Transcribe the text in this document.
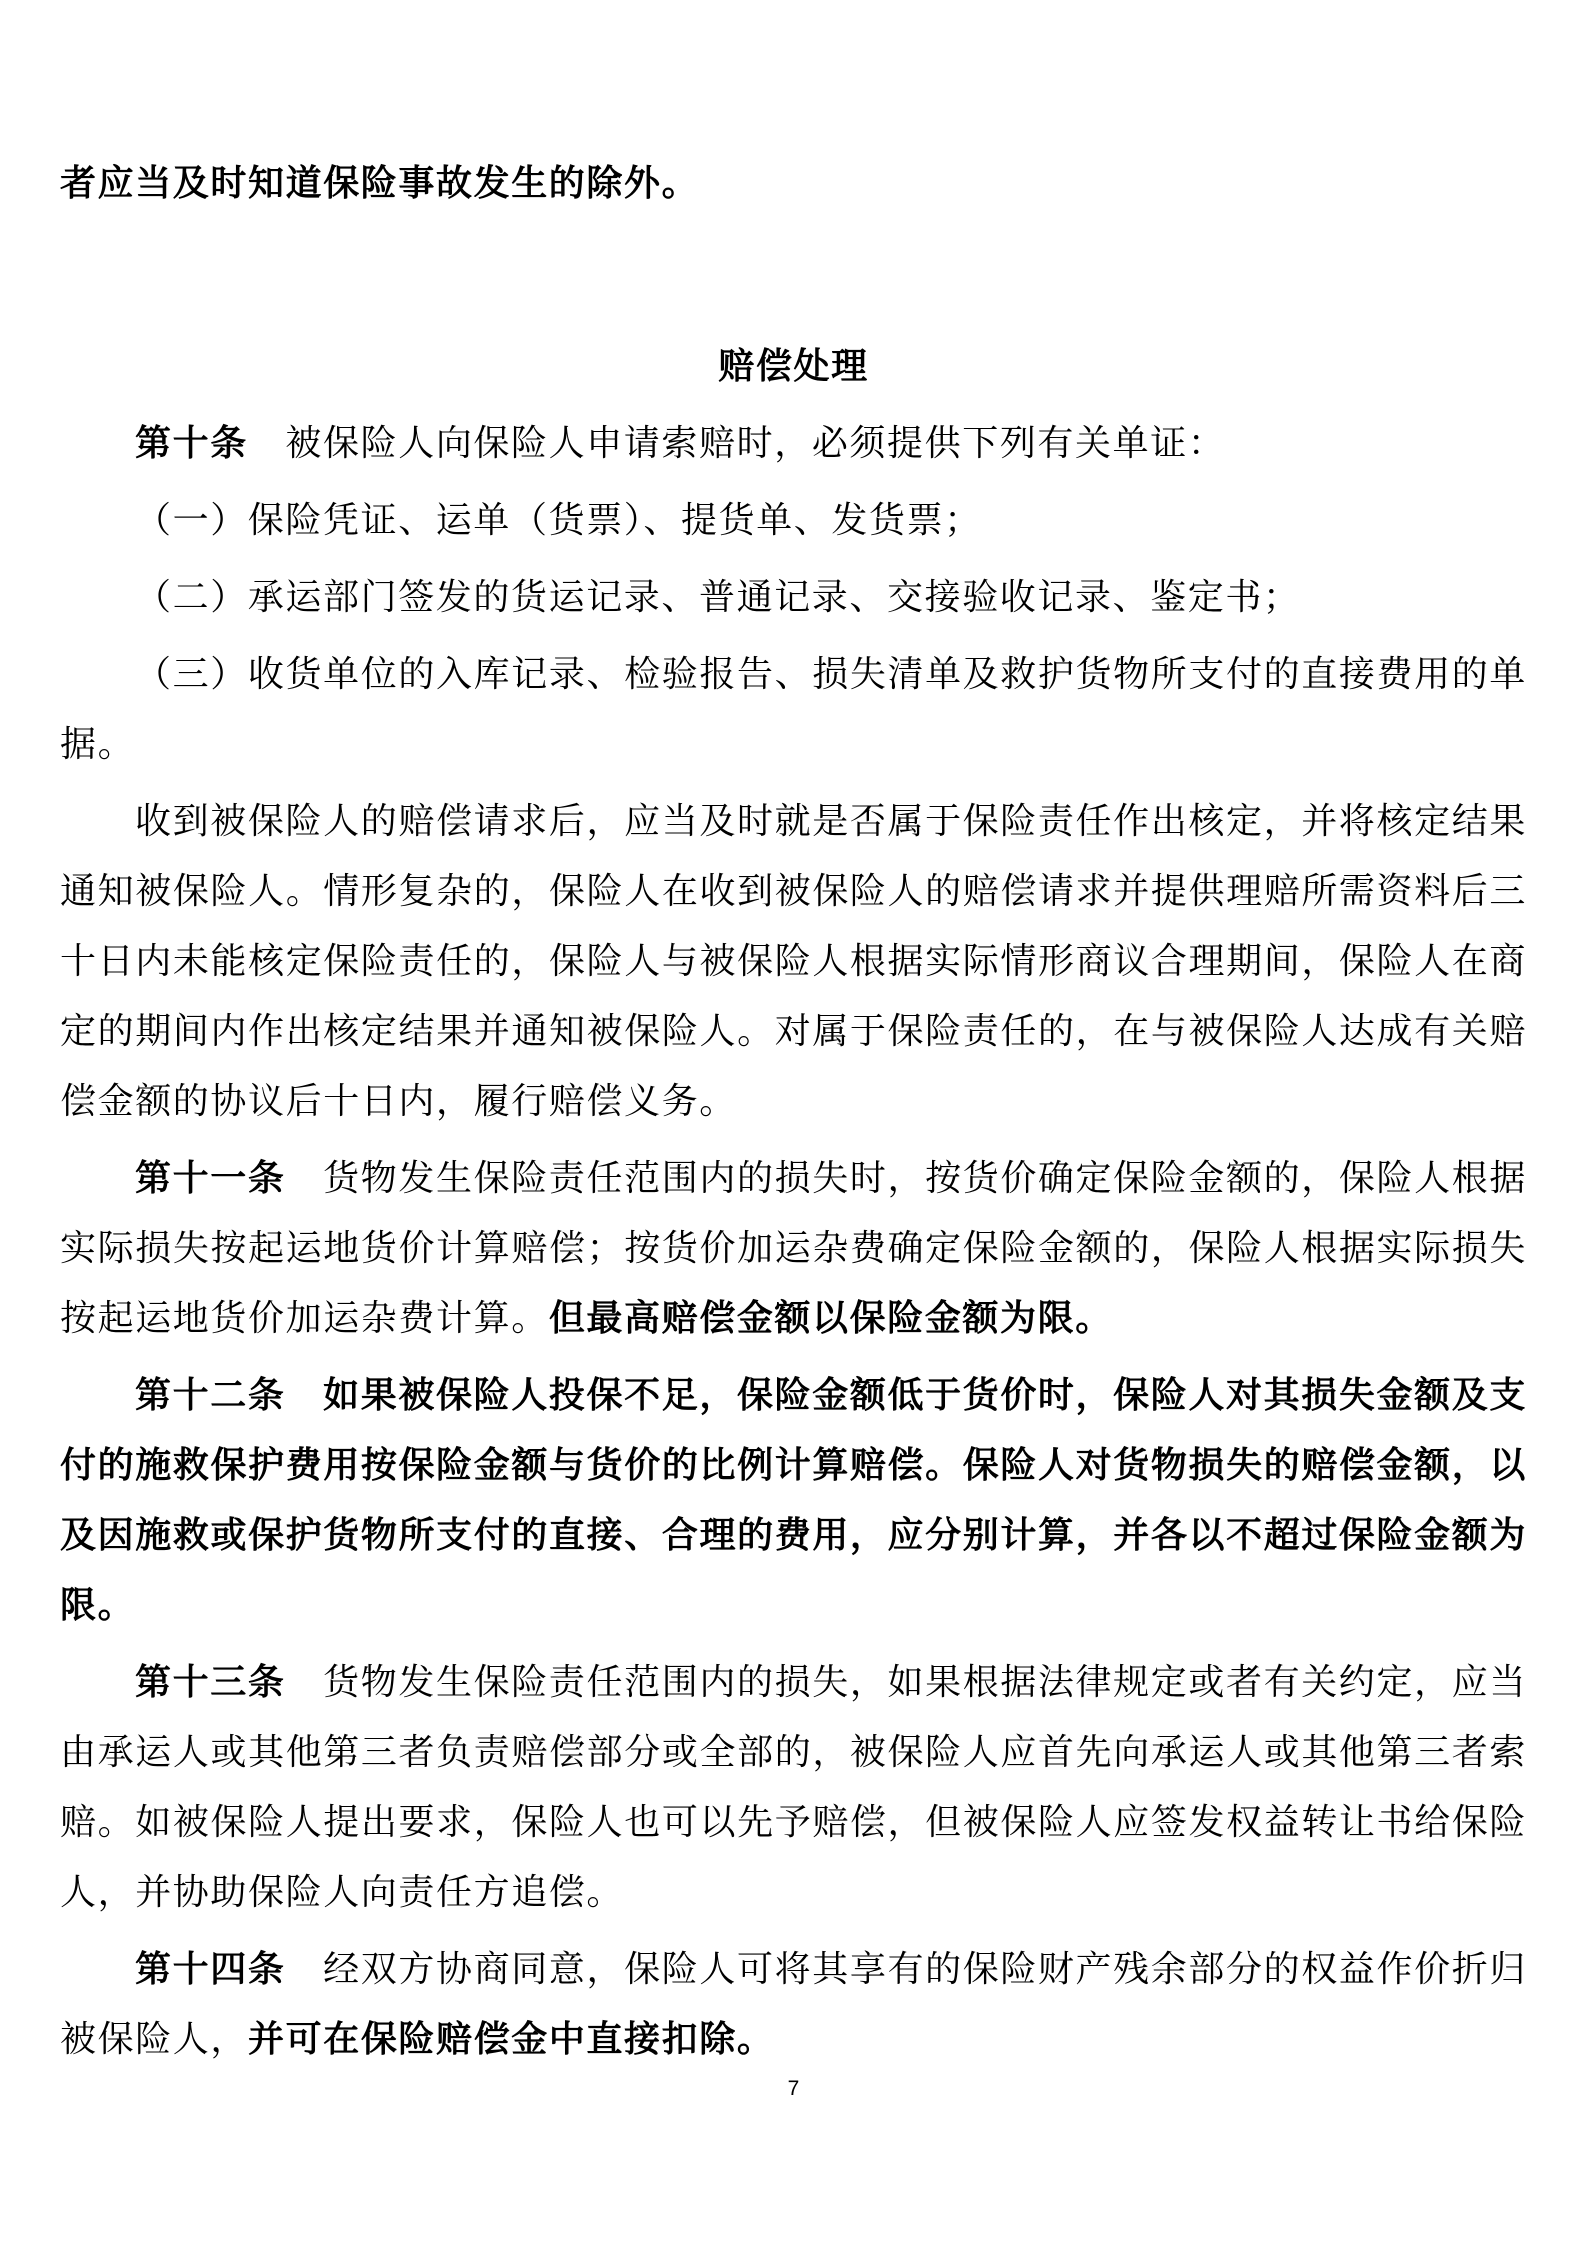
者应当及时知道保险事故发生的除外。

赔偿处理

第十条　 被保险人向保险人申请索赔时，必须提供下列有关单证：

（一）保险凭证、运单（货票）、提货单、发货票；

（二）承运部门签发的货运记录、普通记录、交接验收记录、鉴定书；

（三）收货单位的入库记录、检验报告、损失清单及救护货物所支付的直接费用的单据。

收到被保险人的赔偿请求后，应当及时就是否属于保险责任作出核定，并将核定结果通知被保险人。情形复杂的，保险人在收到被保险人的赔偿请求并提供理赔所需资料后三十日内未能核定保险责任的，保险人与被保险人根据实际情形商议合理期间，保险人在商定的期间内作出核定结果并通知被保险人。对属于保险责任的，在与被保险人达成有关赔偿金额的协议后十日内，履行赔偿义务。

第十一条　 货物发生保险责任范围内的损失时，按货价确定保险金额的，保险人根据实际损失按起运地货价计算赔偿；按货价加运杂费确定保险金额的，保险人根据实际损失按起运地货价加运杂费计算。但最高赔偿金额以保险金额为限。

第十二条　 如果被保险人投保不足，保险金额低于货价时，保险人对其损失金额及支付的施救保护费用按保险金额与货价的比例计算赔偿。保险人对货物损失的赔偿金额，以及因施救或保护货物所支付的直接、合理的费用，应分别计算，并各以不超过保险金额为限。

第十三条　 货物发生保险责任范围内的损失，如果根据法律规定或者有关约定，应当由承运人或其他第三者负责赔偿部分或全部的，被保险人应首先向承运人或其他第三者索赔。如被保险人提出要求，保险人也可以先予赔偿，但被保险人应签发权益转让书给保险人，并协助保险人向责任方追偿。

第十四条　 经双方协商同意，保险人可将其享有的保险财产残余部分的权益作价折归被保险人，并可在保险赔偿金中直接扣除。

7
